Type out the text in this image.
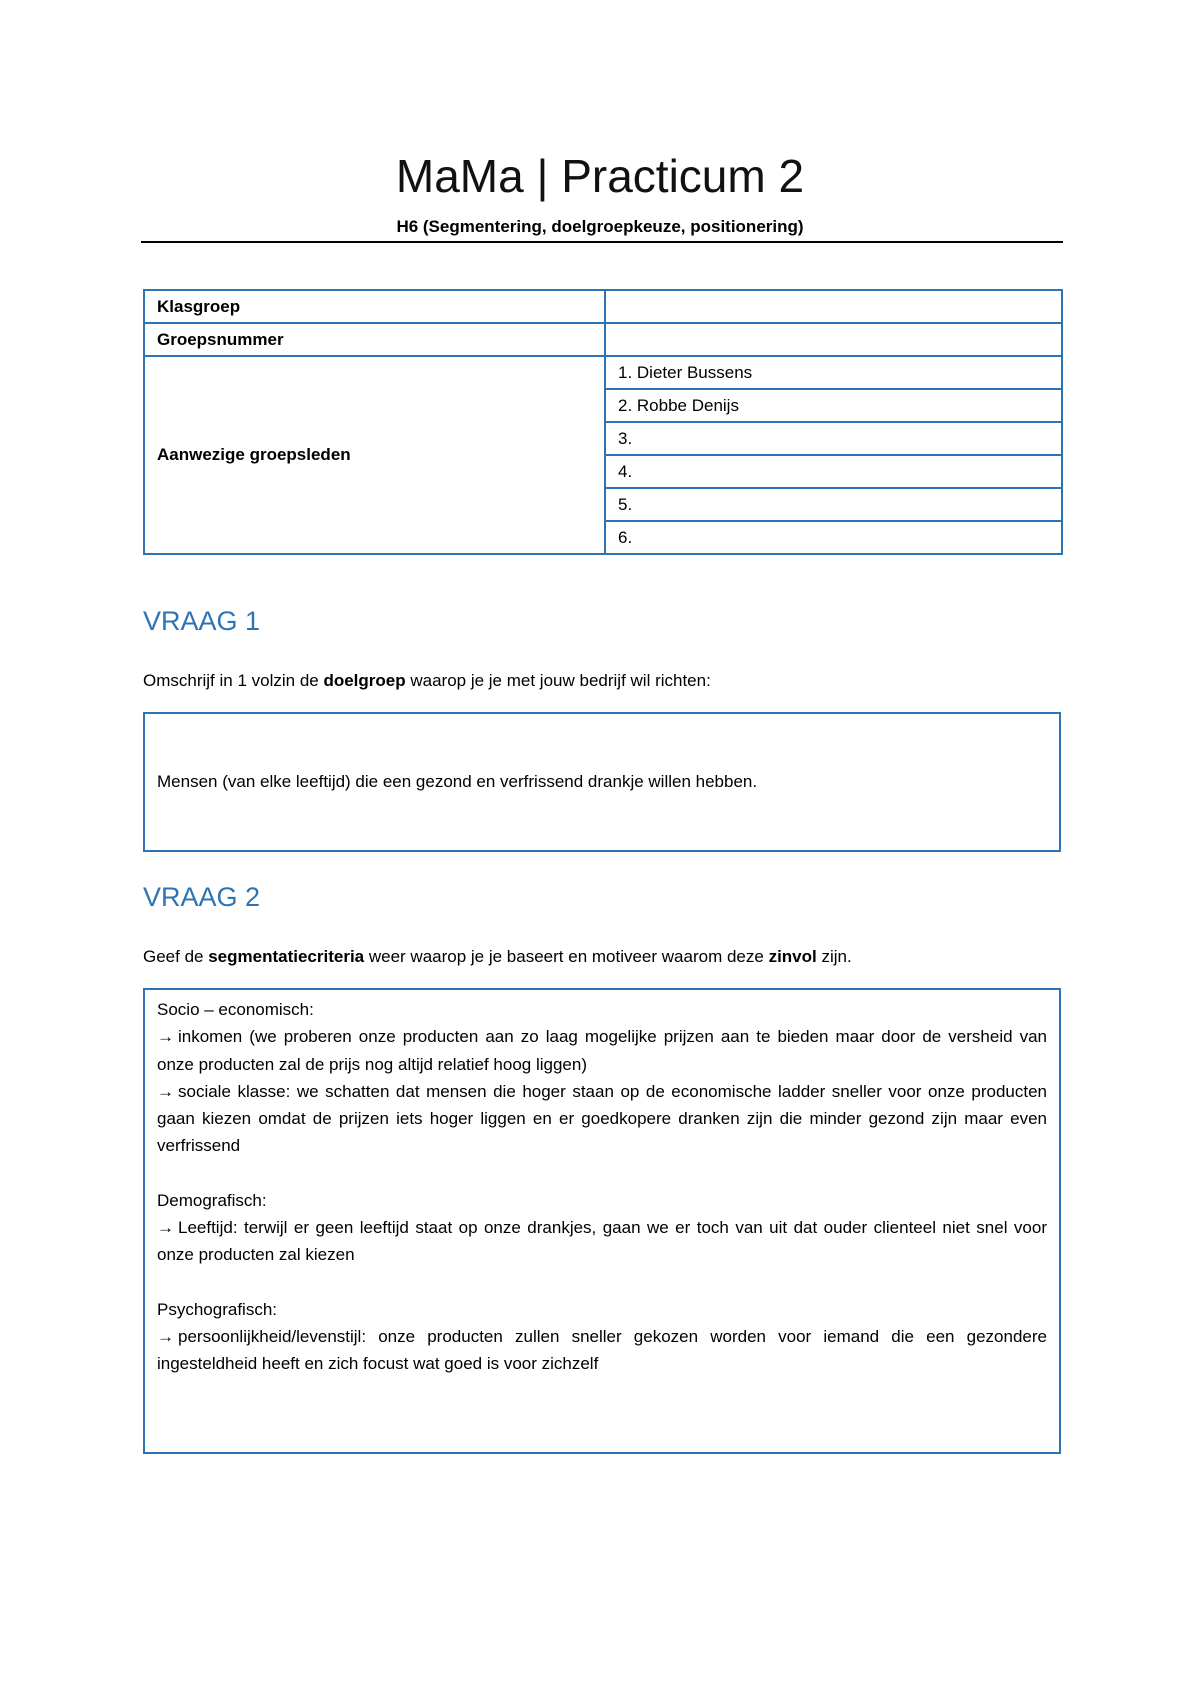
MaMa | Practicum 2
H6 (Segmentering, doelgroepkeuze, positionering)
Klasgroep	
Groepsnummer	
Aanwezige groepsleden	1. Dieter Bussens
	2. Robbe Denijs
	3.
	4.
	5.
	6.
VRAAG 1
Omschrijf in 1 volzin de doelgroep waarop je je met jouw bedrijf wil richten:
Mensen (van elke leeftijd) die een gezond en verfrissend drankje willen hebben.
VRAAG 2
Geef de segmentatiecriteria weer waarop je je baseert en motiveer waarom deze zinvol zijn.

Socio – economisch:

→ inkomen (we proberen onze producten aan zo laag mogelijke prijzen aan te bieden maar door de versheid van onze producten zal de prijs nog altijd relatief hoog liggen)

→ sociale klasse: we schatten dat mensen die hoger staan op de economische ladder sneller voor onze producten gaan kiezen omdat de prijzen iets hoger liggen en er goedkopere dranken zijn die minder gezond zijn maar even verfrissend

Demografisch:

→ Leeftijd: terwijl er geen leeftijd staat op onze drankjes, gaan we er toch van uit dat ouder clienteel niet snel voor onze producten zal kiezen

Psychografisch:

→ persoonlijkheid/levenstijl: onze producten zullen sneller gekozen worden voor iemand die een gezondere ingesteldheid heeft en zich focust wat goed is voor zichzelf
